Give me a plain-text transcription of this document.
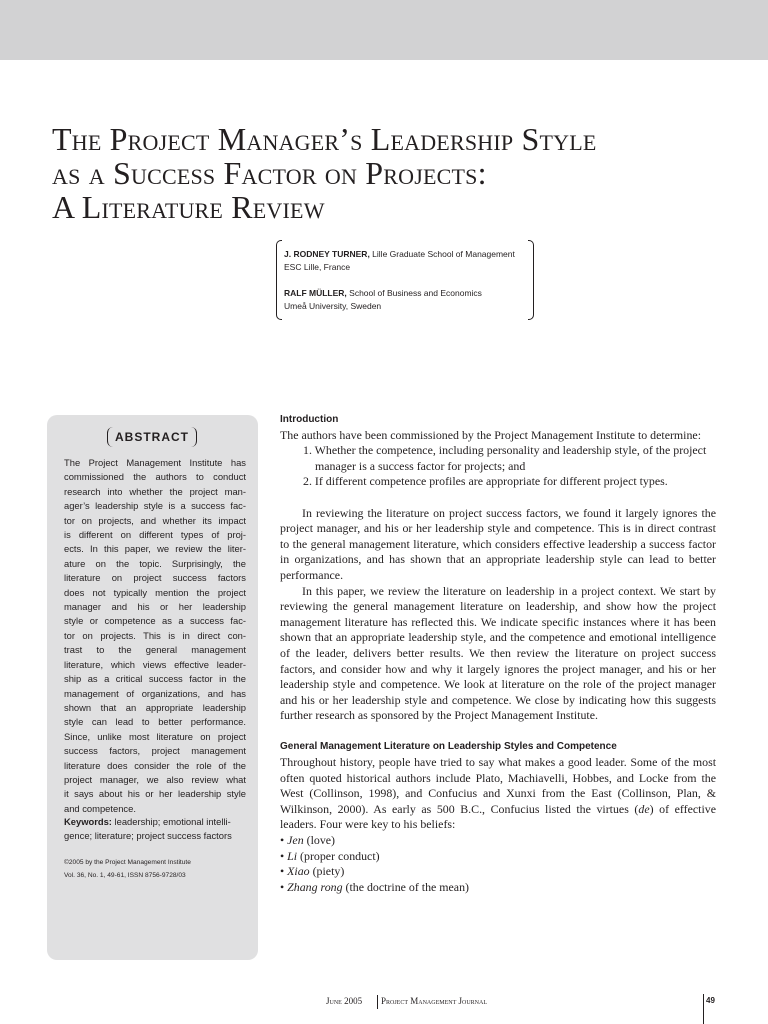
The Project Manager’s Leadership Style
as a Success Factor on Projects:
A Literature Review
J. RODNEY TURNER, Lille Graduate School of Management
ESC Lille, France
RALF MÜLLER, School of Business and Economics
Umeå University, Sweden
ABSTRACT
The Project Management Institute has
commissioned the authors to conduct
research into whether the project man-
ager’s leadership style is a success fac-
tor on projects, and whether its impact
is different on different types of proj-
ects. In this paper, we review the liter-
ature on the topic. Surprisingly, the
literature on project success factors
does not typically mention the project
manager and his or her leadership
style or competence as a success fac-
tor on projects. This is in direct con-
trast to the general management
literature, which views effective leader-
ship as a critical success factor in the
management of organizations, and has
shown that an appropriate leadership
style can lead to better performance.
Since, unlike most literature on project
success factors, project management
literature does consider the role of the
project manager, we also review what
it says about his or her leadership style
and competence.
Keywords: leadership; emotional intelli-
gence; literature; project success factors
©2005 by the Project Management Institute
Vol. 36, No. 1, 49-61, ISSN 8756-9728/03
Introduction
The authors have been commissioned by the Project Management Institute to determine:
1. Whether the competence, including personality and leadership style, of the project manager is a success factor for projects; and
2. If different competence profiles are appropriate for different project types.
In reviewing the literature on project success factors, we found it largely ignores the project manager, and his or her leadership style and competence. This is in direct contrast to the general management literature, which considers effective leadership a success factor in organizations, and has shown that an appropriate leadership style can lead to better performance.
In this paper, we review the literature on leadership in a project context. We start by reviewing the general management literature on leadership, and show how the project management literature has reflected this. We indicate specific instances where it has been shown that an appropriate leadership style, and the competence and emotional intelligence of the leader, delivers better results. We then review the literature on project success factors, and consider how and why it largely ignores the project manager, and his or her leadership style and competence. We look at literature on the role of the project manager and his or her leadership style and competence. We close by indicating how this suggests further research as sponsored by the Project Management Institute.
General Management Literature on Leadership Styles and Competence
Throughout history, people have tried to say what makes a good leader. Some of the most often quoted historical authors include Plato, Machiavelli, Hobbes, and Locke from the West (Collinson, 1998), and Confucius and Xunxi from the East (Collinson, Plan, & Wilkinson, 2000). As early as 500 B.C., Confucius listed the virtues (de) of effective leaders. Four were key to his beliefs:
• Jen (love)
• Li (proper conduct)
• Xiao (piety)
• Zhang rong (the doctrine of the mean)
June 2005 Project Management Journal	49
